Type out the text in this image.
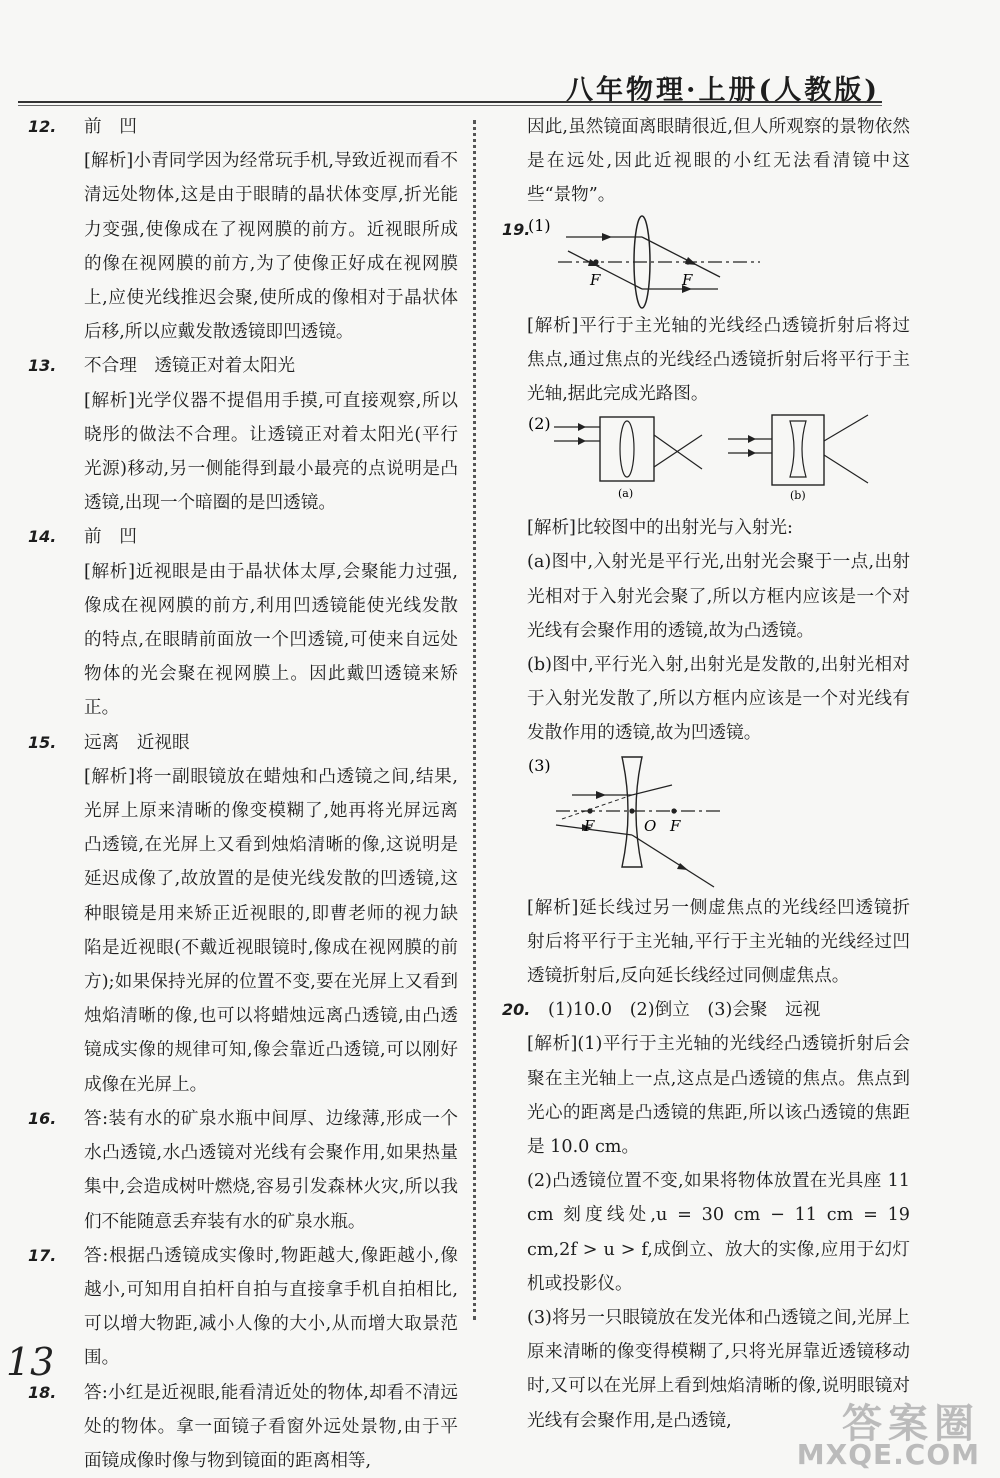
八年物理·上册(人教版)
12.	前　凹
[解析]小青同学因为经常玩手机,导致近视而看不清远处物体,这是由于眼睛的晶状体变厚,折光能力变强,使像成在了视网膜的前方。近视眼所成的像在视网膜的前方,为了使像正好成在视网膜上,应使光线推迟会聚,使所成的像相对于晶状体后移,所以应戴发散透镜即凹透镜。
13.	不合理　透镜正对着太阳光
[解析]光学仪器不提倡用手摸,可直接观察,所以晓彤的做法不合理。让透镜正对着太阳光(平行光源)移动,另一侧能得到最小最亮的点说明是凸透镜,出现一个暗圈的是凹透镜。
14.	前　凹
[解析]近视眼是由于晶状体太厚,会聚能力过强,像成在视网膜的前方,利用凹透镜能使光线发散的特点,在眼睛前面放一个凹透镜,可使来自远处物体的光会聚在视网膜上。因此戴凹透镜来矫正。
15.	远离　近视眼
[解析]将一副眼镜放在蜡烛和凸透镜之间,结果,光屏上原来清晰的像变模糊了,她再将光屏远离凸透镜,在光屏上又看到烛焰清晰的像,这说明是延迟成像了,故放置的是使光线发散的凹透镜,这种眼镜是用来矫正近视眼的,即曹老师的视力缺陷是近视眼(不戴近视眼镜时,像成在视网膜的前方);如果保持光屏的位置不变,要在光屏上又看到烛焰清晰的像,也可以将蜡烛远离凸透镜,由凸透镜成实像的规律可知,像会靠近凸透镜,可以刚好成像在光屏上。
16.	答:装有水的矿泉水瓶中间厚、边缘薄,形成一个水凸透镜,水凸透镜对光线有会聚作用,如果热量集中,会造成树叶燃烧,容易引发森林火灾,所以我们不能随意丢弃装有水的矿泉水瓶。
17.	答:根据凸透镜成实像时,物距越大,像距越小,像越小,可知用自拍杆自拍与直接拿手机自拍相比,可以增大物距,减小人像的大小,从而增大取景范围。
18.	答:小红是近视眼,能看清近处的物体,却看不清远处的物体。拿一面镜子看窗外远处景物,由于平面镜成像时像与物到镜面的距离相等,
因此,虽然镜面离眼睛很近,但人所观察的景物依然是在远处,因此近视眼的小红无法看清镜中这些“景物”。
19.
(1)
F	F
[解析]平行于主光轴的光线经凸透镜折射后将过焦点,通过焦点的光线经凸透镜折射后将平行于主光轴,据此完成光路图。
(2)
(a)	(b)
[解析]比较图中的出射光与入射光:
(a)图中,入射光是平行光,出射光会聚于一点,出射光相对于入射光会聚了,所以方框内应该是一个对光线有会聚作用的透镜,故为凸透镜。
(b)图中,平行光入射,出射光是发散的,出射光相对于入射光发散了,所以方框内应该是一个对光线有发散作用的透镜,故为凹透镜。
(3)
F	O F
[解析]延长线过另一侧虚焦点的光线经凹透镜折射后将平行于主光轴,平行于主光轴的光线经过凹透镜折射后,反向延长线经过同侧虚焦点。
20.	(1)10.0　(2)倒立　(3)会聚　远视
[解析](1)平行于主光轴的光线经凸透镜折射后会聚在主光轴上一点,这点是凸透镜的焦点。焦点到光心的距离是凸透镜的焦距,所以该凸透镜的焦距是 10.0 cm。
(2)凸透镜位置不变,如果将物体放置在光具座 11 cm 刻度线处,u = 30 cm − 11 cm = 19 cm,2f > u > f,成倒立、放大的实像,应用于幻灯机或投影仪。
(3)将另一只眼镜放在发光体和凸透镜之间,光屏上原来清晰的像变得模糊了,只将光屏靠近透镜移动时,又可以在光屏上看到烛焰清晰的像,说明眼镜对光线有会聚作用,是凸透镜,
13
答案圈
MXQE.COM
